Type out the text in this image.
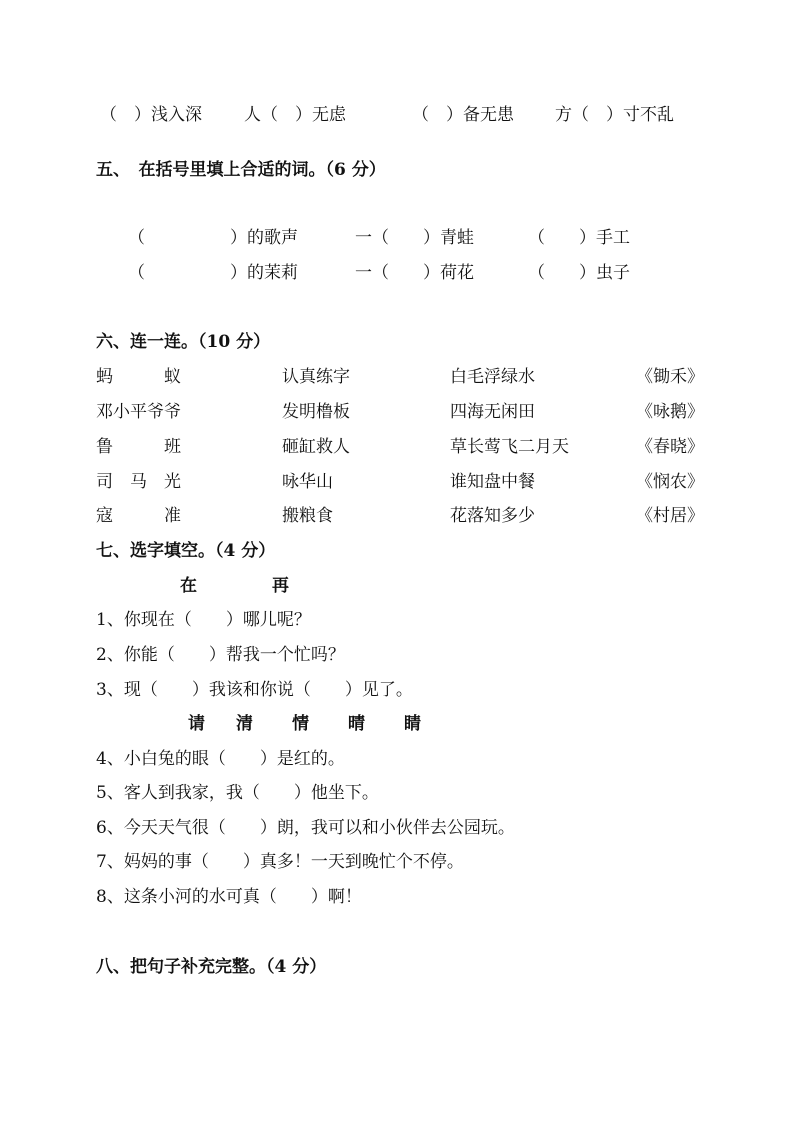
（　）浅入深 人（　）无虑	（　）备无患 方（　）寸不乱
五、　在括号里填上合适的词。（6 分）
（　　　　　）的歌声	一（　　）青蛙	（　　）手工
（　　　　　）的茉莉	一（　　）荷花	（　　）虫子
六、连一连。（10 分）
蚂　　　蚁	认真练字	白毛浮绿水	《锄禾》
邓小平爷爷	发明橹板	四海无闲田	《咏鹅》
鲁　　　班	砸缸救人	草长莺飞二月天	《春晓》
司　马　光	咏华山	谁知盘中餐	《悯农》
寇　　　准	搬粮食	花落知多少	《村居》
七、选字填空。（4 分）
在	再
1、你现在（　　）哪儿呢？
2、你能（　　）帮我一个忙吗？
3、现（　　）我该和你说（　　）见了。
请 清 情 晴 睛
4、小白兔的眼（　　）是红的。
5、客人到我家，我（　　）他坐下。
6、今天天气很（　　）朗，我可以和小伙伴去公园玩。
7、妈妈的事（　　）真多！一天到晚忙个不停。
8、这条小河的水可真（　　）啊！
八、把句子补充完整。（4 分）
